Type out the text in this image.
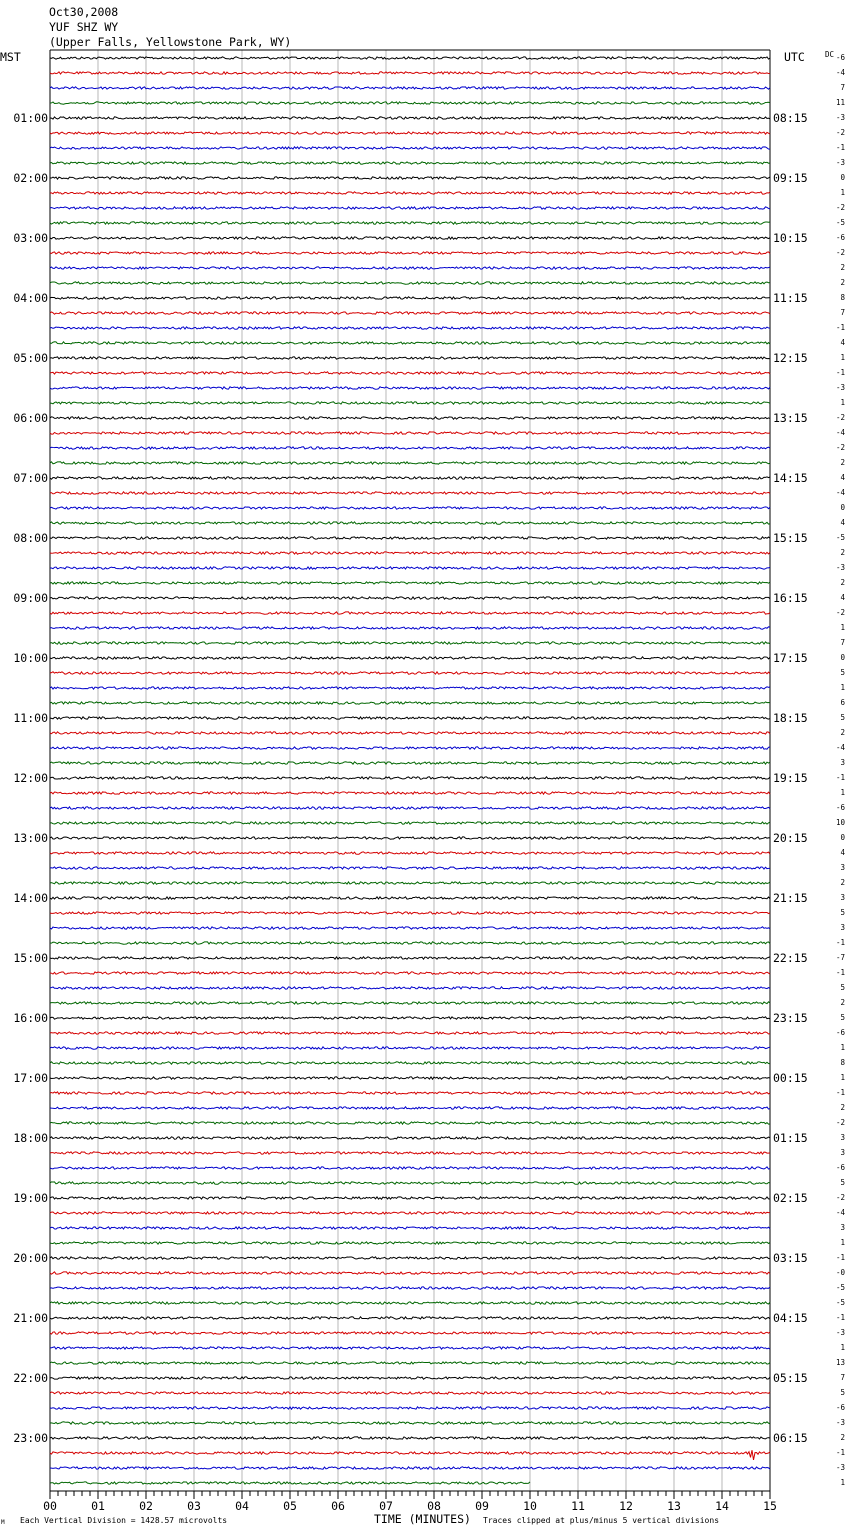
Oct30,2008
YUF SHZ WY
(Upper Falls, Yellowstone Park, WY)
MST	UTC	DC
01:00
02:00
03:00
04:00
05:00
06:00
07:00
08:00
09:00
10:00
11:00
12:00
13:00
14:00
15:00
16:00
17:00
18:00
19:00
20:00
21:00
22:00
23:00
08:15
09:15
10:15
11:15
12:15
13:15
14:15
15:15
16:15
17:15
18:15
19:15
20:15
21:15
22:15
23:15
00:15
01:15
02:15
03:15
04:15
05:15
06:15
-6
-4
7
11
-3
-2
-1
-3
0
1
-2
-5
-6
-2
2
2
8
7
-1
4
1
-1
-3
1
-2
-4
-2
2
4
-4
0
4
-5
2
-3
2
4
-2
1
7
0
5
1
6
5
2
-4
3
-1
1
-6
10
0
4
3
2
3
5
3
-1
-7
-1
5
2
5
-6
1
8
1
-1
2
-2
3
3
-6
5
-2
-4
3
1
-1
-0
-5
-5
-1
-3
1
13
7
5
-6
-3
2
-1
-3
1
00	01	02	03	04	05	06	07	08	09	10	11	12	13	14	15
M Each Vertical Division = 1428.57 microvolts	TIME (MINUTES) Traces clipped at plus/minus 5 vertical divisions
